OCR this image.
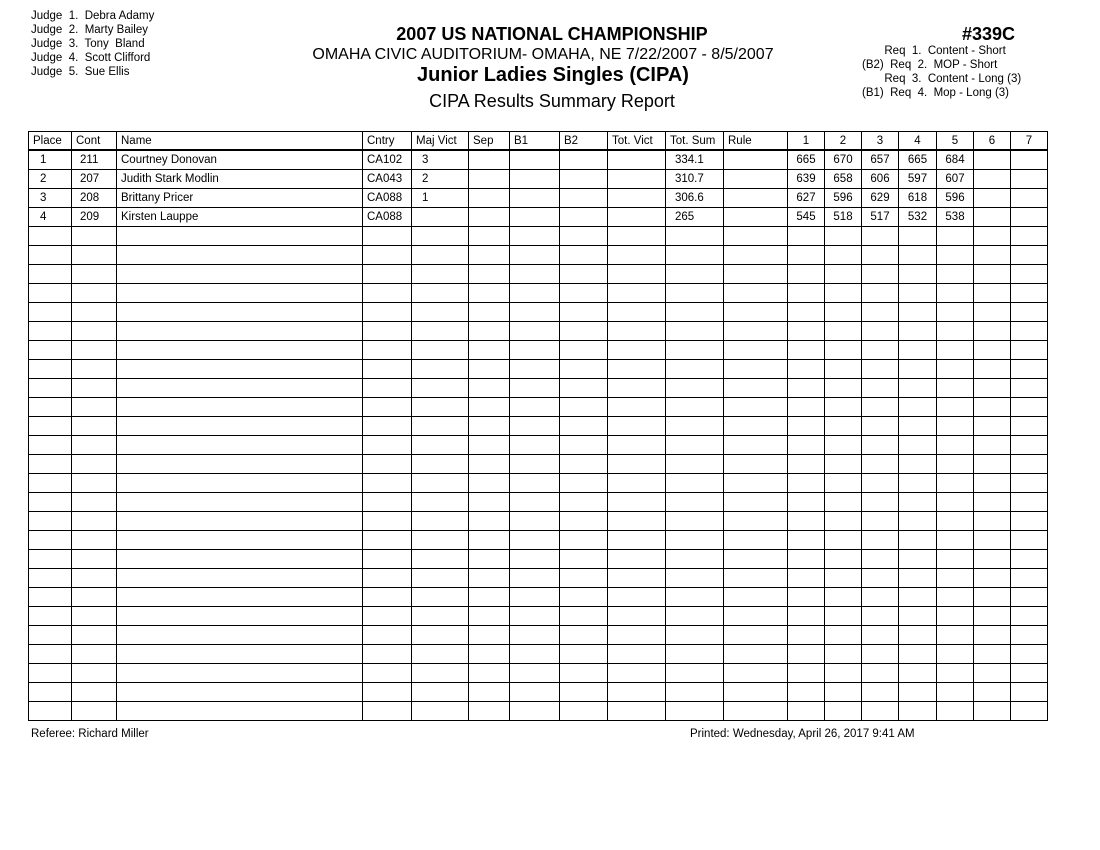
Judge  1.  Debra Adamy
Judge  2.  Marty Bailey
Judge  3.  Tony  Bland
Judge  4.  Scott Clifford
Judge  5.  Sue Ellis
2007 US NATIONAL CHAMPIONSHIP
OMAHA CIVIC AUDITORIUM- OMAHA, NE 7/22/2007 - 8/5/2007
Junior Ladies Singles (CIPA)
CIPA Results Summary Report
#339C
Req  1.  Content - Short
(B2)  Req  2.  MOP - Short
Req  3.  Content - Long (3)
(B1)  Req  4.  Mop - Long (3)
Place	Cont	Name	Cntry	Maj Vict	Sep	B1	B2	Tot. Vict	Tot. Sum	Rule	1	2	3	4	5	6	7
1	211	Courtney Donovan	CA102	3					334.1		665	670	657	665	684		
2	207	Judith Stark Modlin	CA043	2					310.7		639	658	606	597	607		
3	208	Brittany Pricer	CA088	1					306.6		627	596	629	618	596		
4	209	Kirsten Lauppe	CA088						265		545	518	517	532	538		

Referee: Richard Miller	Printed: Wednesday, April 26, 2017 9:41 AM
